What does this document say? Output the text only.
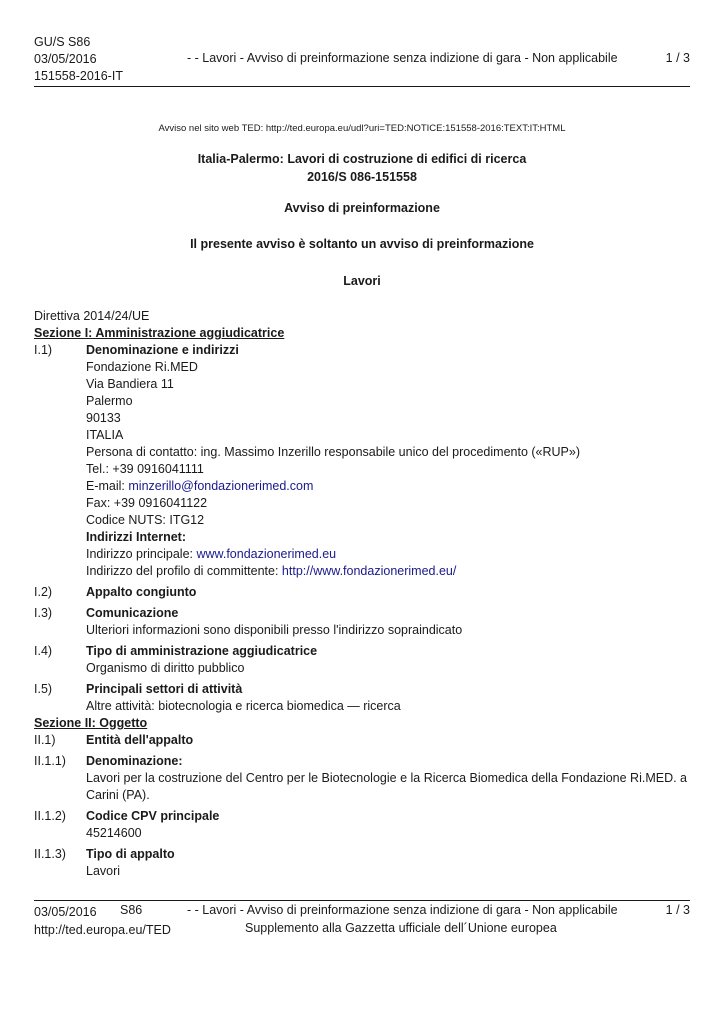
GU/S S86
03/05/2016
151558-2016-IT
- - Lavori - Avviso di preinformazione senza indizione di gara - Non applicabile	1 / 3
Avviso nel sito web TED: http://ted.europa.eu/udl?uri=TED:NOTICE:151558-2016:TEXT:IT:HTML
Italia-Palermo: Lavori di costruzione di edifici di ricerca
2016/S 086-151558
Avviso di preinformazione
Il presente avviso è soltanto un avviso di preinformazione
Lavori
Direttiva 2014/24/UE
Sezione I: Amministrazione aggiudicatrice
I.1)	Denominazione e indirizzi
Fondazione Ri.MED
Via Bandiera 11
Palermo
90133
ITALIA
Persona di contatto: ing. Massimo Inzerillo responsabile unico del procedimento («RUP»)
Tel.: +39 0916041111
E-mail: minzerillo@fondazionerimed.com
Fax: +39 0916041122
Codice NUTS: ITG12
Indirizzi Internet:
Indirizzo principale: www.fondazionerimed.eu
Indirizzo del profilo di committente: http://www.fondazionerimed.eu/
I.2)	Appalto congiunto
I.3)	Comunicazione
Ulteriori informazioni sono disponibili presso l'indirizzo sopraindicato
I.4)	Tipo di amministrazione aggiudicatrice
Organismo di diritto pubblico
I.5)	Principali settori di attività
Altre attività: biotecnologia e ricerca biomedica — ricerca
Sezione II: Oggetto
II.1)	Entità dell'appalto
II.1.1)	Denominazione:
Lavori per la costruzione del Centro per le Biotecnologie e la Ricerca Biomedica della Fondazione Ri.MED. a
Carini (PA).
II.1.2)	Codice CPV principale
45214600
II.1.3)	Tipo di appalto
Lavori
03/05/2016
http://ted.europa.eu/TED
S86	- - Lavori - Avviso di preinformazione senza indizione di gara - Non applicabile	1 / 3
Supplemento alla Gazzetta ufficiale dell´Unione europea
